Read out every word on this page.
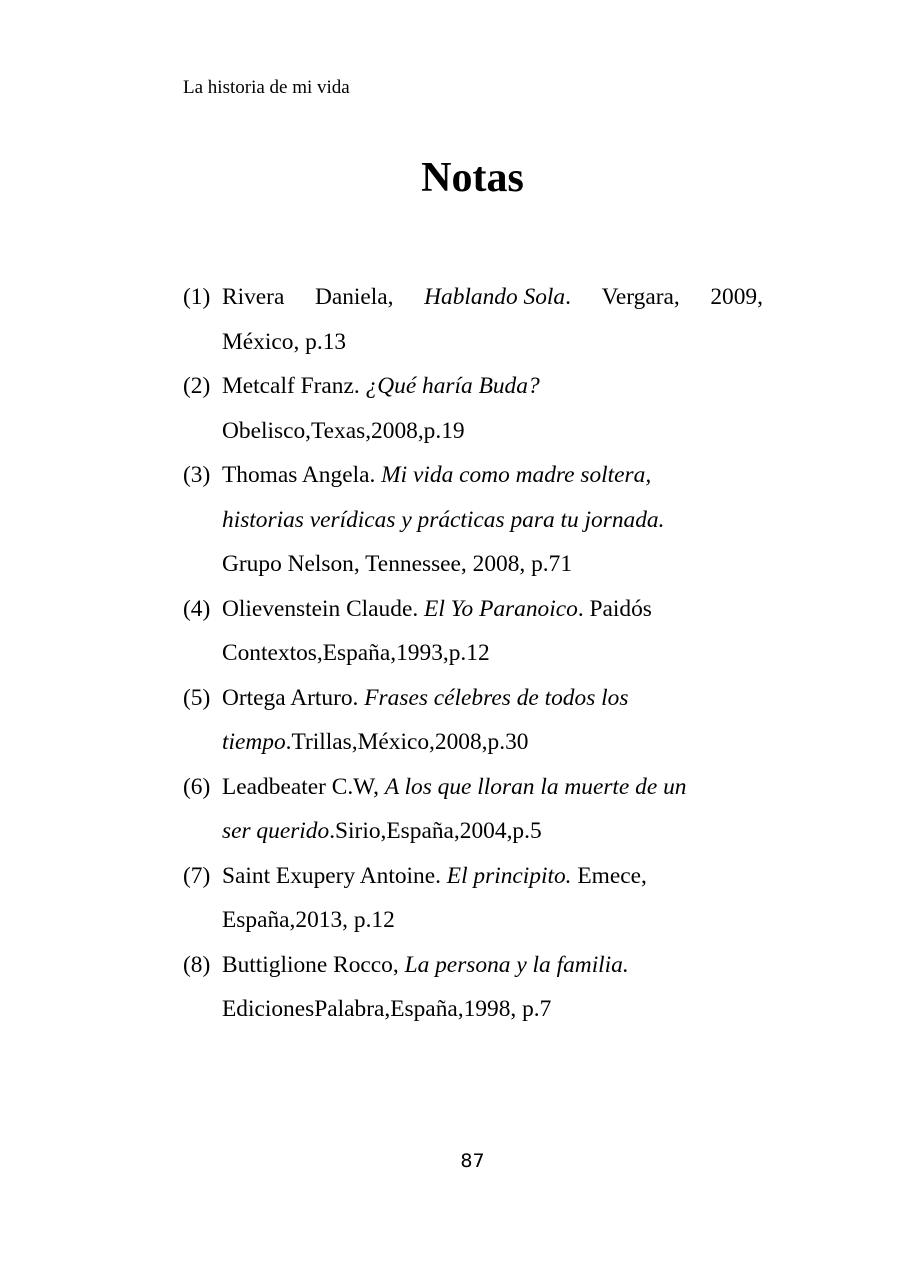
La historia de mi vida
Notas
(1) Rivera Daniela, Hablando Sola. Vergara, 2009,
México, p.13
(2) Metcalf Franz. ¿Qué haría Buda?
Obelisco,Texas,2008,p.19
(3) Thomas Angela. Mi vida como madre soltera,
historias verídicas y prácticas para tu jornada.
Grupo Nelson, Tennessee, 2008, p.71
(4) Olievenstein Claude. El Yo Paranoico. Paidós
Contextos,España,1993,p.12
(5) Ortega Arturo. Frases célebres de todos los
tiempo.Trillas,México,2008,p.30
(6) Leadbeater C.W, A los que lloran la muerte de un
ser querido.Sirio,España,2004,p.5
(7) Saint Exupery Antoine. El principito. Emece,
España,2013, p.12
(8) Buttiglione Rocco, La persona y la familia.
EdicionesPalabra,España,1998, p.7
87
